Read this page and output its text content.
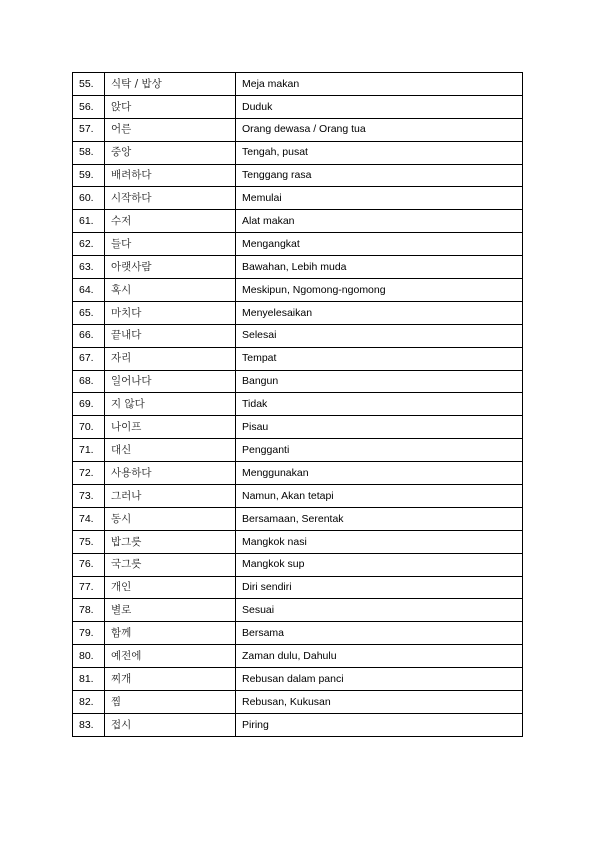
55.	식탁 / 밥상	Meja makan
56.	앉다	Duduk
57.	어른	Orang dewasa / Orang tua
58.	중앙	Tengah, pusat
59.	배려하다	Tenggang rasa
60.	시작하다	Memulai
61.	수저	Alat makan
62.	들다	Mengangkat
63.	아랫사람	Bawahan, Lebih muda
64.	혹시	Meskipun, Ngomong-ngomong
65.	마치다	Menyelesaikan
66.	끝내다	Selesai
67.	자리	Tempat
68.	일어나다	Bangun
69.	지 않다	Tidak
70.	나이프	Pisau
71.	대신	Pengganti
72.	사용하다	Menggunakan
73.	그러나	Namun, Akan tetapi
74.	동시	Bersamaan, Serentak
75.	밥그릇	Mangkok nasi
76.	국그릇	Mangkok sup
77.	개인	Diri sendiri
78.	별로	Sesuai
79.	함께	Bersama
80.	예전에	Zaman dulu, Dahulu
81.	찌개	Rebusan dalam panci
82.	찜	Rebusan, Kukusan
83.	접시	Piring
